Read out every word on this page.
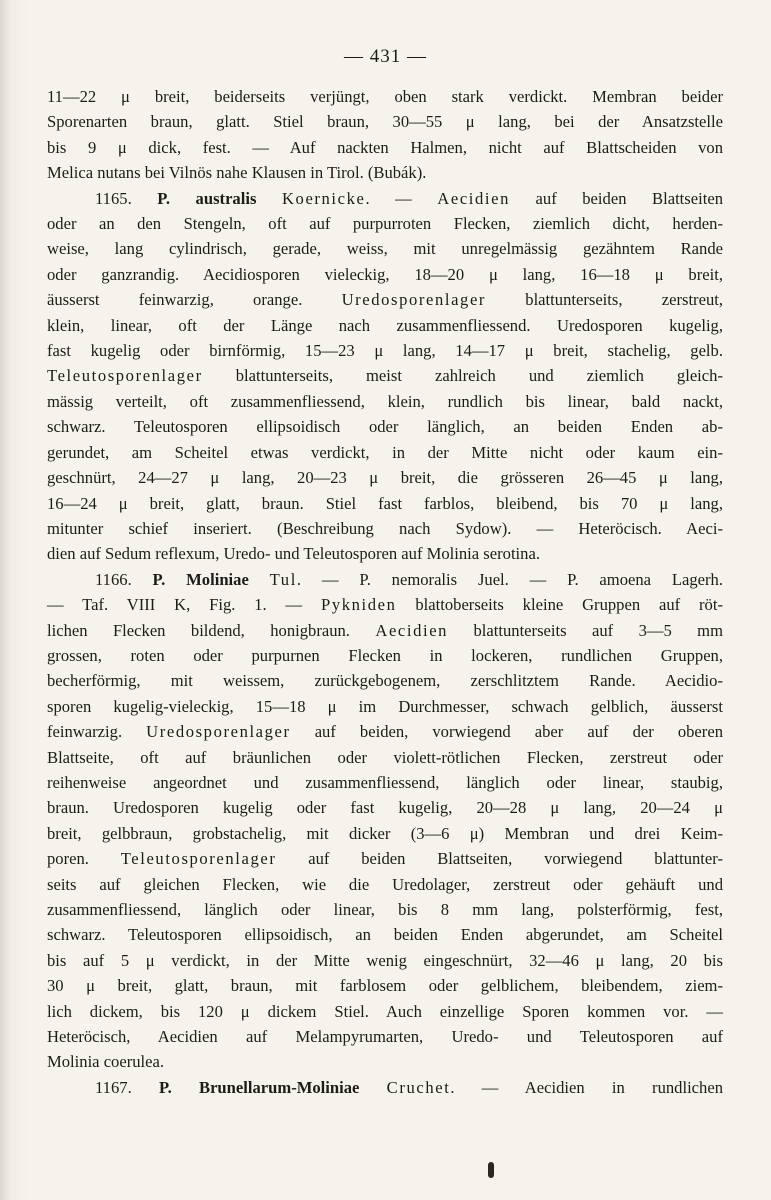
— 431 —
11—22 μ breit, beiderseits verjüngt, oben stark verdickt. Membran beider
Sporenarten braun, glatt. Stiel braun, 30—55 μ lang, bei der Ansatzstelle
bis 9 μ dick, fest. — Auf nackten Halmen, nicht auf Blattscheiden von
Melica nutans bei Vilnös nahe Klausen in Tirol. (Bubák).
1165. P. australis Koernicke. — Aecidien auf beiden Blattseiten
oder an den Stengeln, oft auf purpurroten Flecken, ziemlich dicht, herden-
weise, lang cylindrisch, gerade, weiss, mit unregelmässig gezähntem Rande
oder ganzrandig. Aecidiosporen vieleckig, 18—20 μ lang, 16—18 μ breit,
äusserst feinwarzig, orange. Uredosporenlager blattunterseits, zerstreut,
klein, linear, oft der Länge nach zusammenfliessend. Uredosporen kugelig,
fast kugelig oder birnförmig, 15—23 μ lang, 14—17 μ breit, stachelig, gelb.
Teleutosporenlager blattunterseits, meist zahlreich und ziemlich gleich-
mässig verteilt, oft zusammenfliessend, klein, rundlich bis linear, bald nackt,
schwarz. Teleutosporen ellipsoidisch oder länglich, an beiden Enden ab-
gerundet, am Scheitel etwas verdickt, in der Mitte nicht oder kaum ein-
geschnürt, 24—27 μ lang, 20—23 μ breit, die grösseren 26—45 μ lang,
16—24 μ breit, glatt, braun. Stiel fast farblos, bleibend, bis 70 μ lang,
mitunter schief inseriert. (Beschreibung nach Sydow). — Heteröcisch. Aeci-
dien auf Sedum reflexum, Uredo- und Teleutosporen auf Molinia serotina.
1166. P. Moliniae Tul. — P. nemoralis Juel. — P. amoena Lagerh.
— Taf. VIII K, Fig. 1. — Pykniden blattoberseits kleine Gruppen auf röt-
lichen Flecken bildend, honigbraun. Aecidien blattunterseits auf 3—5 mm
grossen, roten oder purpurnen Flecken in lockeren, rundlichen Gruppen,
becherförmig, mit weissem, zurückgebogenem, zerschlitztem Rande. Aecidio-
sporen kugelig-vieleckig, 15—18 μ im Durchmesser, schwach gelblich, äusserst
feinwarzig. Uredosporenlager auf beiden, vorwiegend aber auf der oberen
Blattseite, oft auf bräunlichen oder violett-rötlichen Flecken, zerstreut oder
reihenweise angeordnet und zusammenfliessend, länglich oder linear, staubig,
braun. Uredosporen kugelig oder fast kugelig, 20—28 μ lang, 20—24 μ
breit, gelbbraun, grobstachelig, mit dicker (3—6 μ) Membran und drei Keim-
poren. Teleutosporenlager auf beiden Blattseiten, vorwiegend blattunter-
seits auf gleichen Flecken, wie die Uredolager, zerstreut oder gehäuft und
zusammenfliessend, länglich oder linear, bis 8 mm lang, polsterförmig, fest,
schwarz. Teleutosporen ellipsoidisch, an beiden Enden abgerundet, am Scheitel
bis auf 5 μ verdickt, in der Mitte wenig eingeschnürt, 32—46 μ lang, 20 bis
30 μ breit, glatt, braun, mit farblosem oder gelblichem, bleibendem, ziem-
lich dickem, bis 120 μ dickem Stiel. Auch einzellige Sporen kommen vor. —
Heteröcisch, Aecidien auf Melampyrumarten, Uredo- und Teleutosporen auf
Molinia coerulea.
1167. P. Brunellarum-Moliniae Cruchet. — Aecidien in rundlichen
